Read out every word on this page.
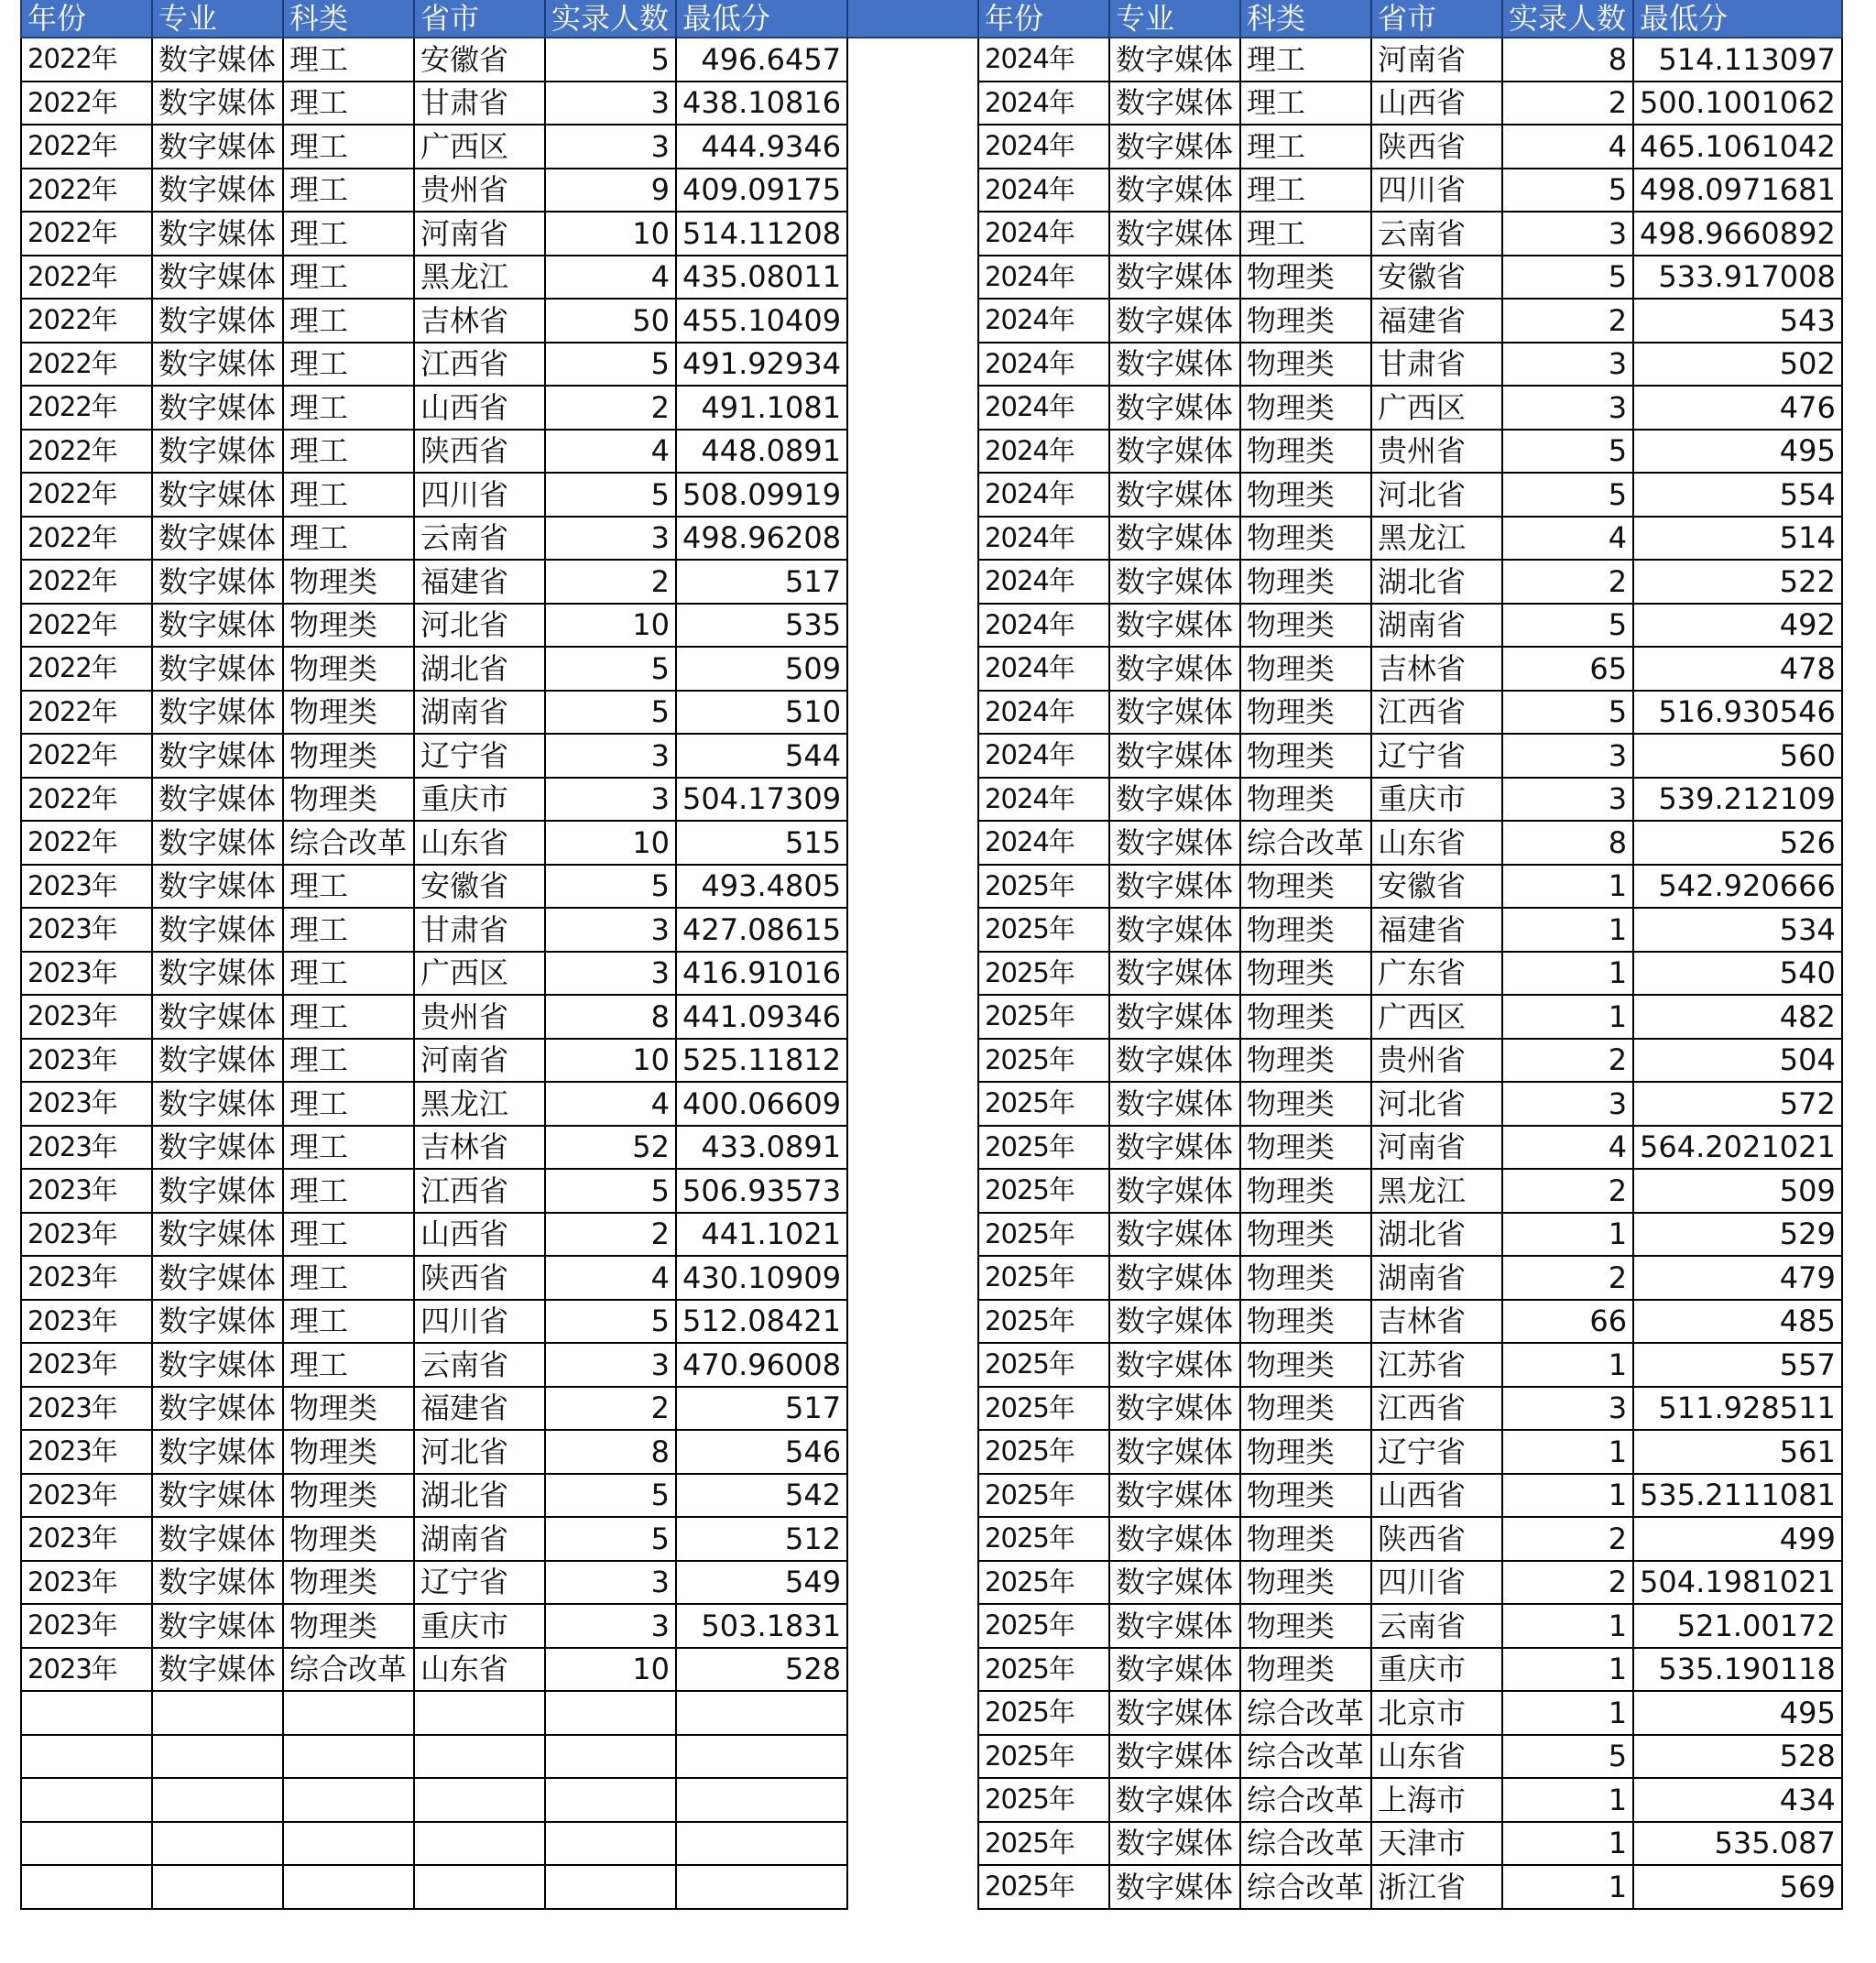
年份	专业	科类	省市	实录人数	最低分		年份	专业	科类	省市	实录人数	最低分
2022年	数字媒体	理工	安徽省	5	496.6457		2024年	数字媒体	理工	河南省	8	514.113097
2022年	数字媒体	理工	甘肃省	3	438.10816		2024年	数字媒体	理工	山西省	2	500.1001062
2022年	数字媒体	理工	广西区	3	444.9346		2024年	数字媒体	理工	陕西省	4	465.1061042
2022年	数字媒体	理工	贵州省	9	409.09175		2024年	数字媒体	理工	四川省	5	498.0971681
2022年	数字媒体	理工	河南省	10	514.11208		2024年	数字媒体	理工	云南省	3	498.9660892
2022年	数字媒体	理工	黑龙江	4	435.08011		2024年	数字媒体	物理类	安徽省	5	533.917008
2022年	数字媒体	理工	吉林省	50	455.10409		2024年	数字媒体	物理类	福建省	2	543
2022年	数字媒体	理工	江西省	5	491.92934		2024年	数字媒体	物理类	甘肃省	3	502
2022年	数字媒体	理工	山西省	2	491.1081		2024年	数字媒体	物理类	广西区	3	476
2022年	数字媒体	理工	陕西省	4	448.0891		2024年	数字媒体	物理类	贵州省	5	495
2022年	数字媒体	理工	四川省	5	508.09919		2024年	数字媒体	物理类	河北省	5	554
2022年	数字媒体	理工	云南省	3	498.96208		2024年	数字媒体	物理类	黑龙江	4	514
2022年	数字媒体	物理类	福建省	2	517		2024年	数字媒体	物理类	湖北省	2	522
2022年	数字媒体	物理类	河北省	10	535		2024年	数字媒体	物理类	湖南省	5	492
2022年	数字媒体	物理类	湖北省	5	509		2024年	数字媒体	物理类	吉林省	65	478
2022年	数字媒体	物理类	湖南省	5	510		2024年	数字媒体	物理类	江西省	5	516.930546
2022年	数字媒体	物理类	辽宁省	3	544		2024年	数字媒体	物理类	辽宁省	3	560
2022年	数字媒体	物理类	重庆市	3	504.17309		2024年	数字媒体	物理类	重庆市	3	539.212109
2022年	数字媒体	综合改革	山东省	10	515		2024年	数字媒体	综合改革	山东省	8	526
2023年	数字媒体	理工	安徽省	5	493.4805		2025年	数字媒体	物理类	安徽省	1	542.920666
2023年	数字媒体	理工	甘肃省	3	427.08615		2025年	数字媒体	物理类	福建省	1	534
2023年	数字媒体	理工	广西区	3	416.91016		2025年	数字媒体	物理类	广东省	1	540
2023年	数字媒体	理工	贵州省	8	441.09346		2025年	数字媒体	物理类	广西区	1	482
2023年	数字媒体	理工	河南省	10	525.11812		2025年	数字媒体	物理类	贵州省	2	504
2023年	数字媒体	理工	黑龙江	4	400.06609		2025年	数字媒体	物理类	河北省	3	572
2023年	数字媒体	理工	吉林省	52	433.0891		2025年	数字媒体	物理类	河南省	4	564.2021021
2023年	数字媒体	理工	江西省	5	506.93573		2025年	数字媒体	物理类	黑龙江	2	509
2023年	数字媒体	理工	山西省	2	441.1021		2025年	数字媒体	物理类	湖北省	1	529
2023年	数字媒体	理工	陕西省	4	430.10909		2025年	数字媒体	物理类	湖南省	2	479
2023年	数字媒体	理工	四川省	5	512.08421		2025年	数字媒体	物理类	吉林省	66	485
2023年	数字媒体	理工	云南省	3	470.96008		2025年	数字媒体	物理类	江苏省	1	557
2023年	数字媒体	物理类	福建省	2	517		2025年	数字媒体	物理类	江西省	3	511.928511
2023年	数字媒体	物理类	河北省	8	546		2025年	数字媒体	物理类	辽宁省	1	561
2023年	数字媒体	物理类	湖北省	5	542		2025年	数字媒体	物理类	山西省	1	535.2111081
2023年	数字媒体	物理类	湖南省	5	512		2025年	数字媒体	物理类	陕西省	2	499
2023年	数字媒体	物理类	辽宁省	3	549		2025年	数字媒体	物理类	四川省	2	504.1981021
2023年	数字媒体	物理类	重庆市	3	503.1831		2025年	数字媒体	物理类	云南省	1	521.00172
2023年	数字媒体	综合改革	山东省	10	528		2025年	数字媒体	物理类	重庆市	1	535.190118
							2025年	数字媒体	综合改革	北京市	1	495
							2025年	数字媒体	综合改革	山东省	5	528
							2025年	数字媒体	综合改革	上海市	1	434
							2025年	数字媒体	综合改革	天津市	1	535.087
							2025年	数字媒体	综合改革	浙江省	1	569
